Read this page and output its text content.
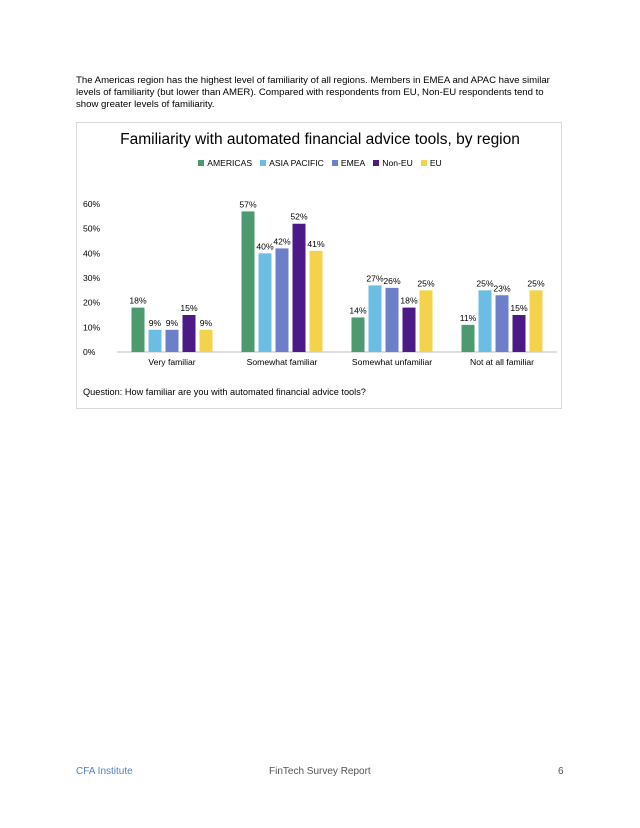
The Americas region has the highest level of familiarity of all regions. Members in EMEA and APAC have similar levels of familiarity (but lower than AMER). Compared with respondents from EU, Non-EU respondents tend to show greater levels of familiarity.
0%
10%
20%
30%
40%
50%
60%
18%
9% 9%
15%
9%
Very familiar
57%
40% 42%
52%
41%
Somewhat familiar
14%
27% 26%
18%
25%
Somewhat unfamiliar
11%
25% 23%
15%
25%
Not at all familiar
Familiarity with automated financial advice tools, by region
AMERICAS ASIA PACIFIC EMEA Non-EU EU
Question: How familiar are you with automated financial advice tools?
CFA Institute	FinTech Survey Report	6
